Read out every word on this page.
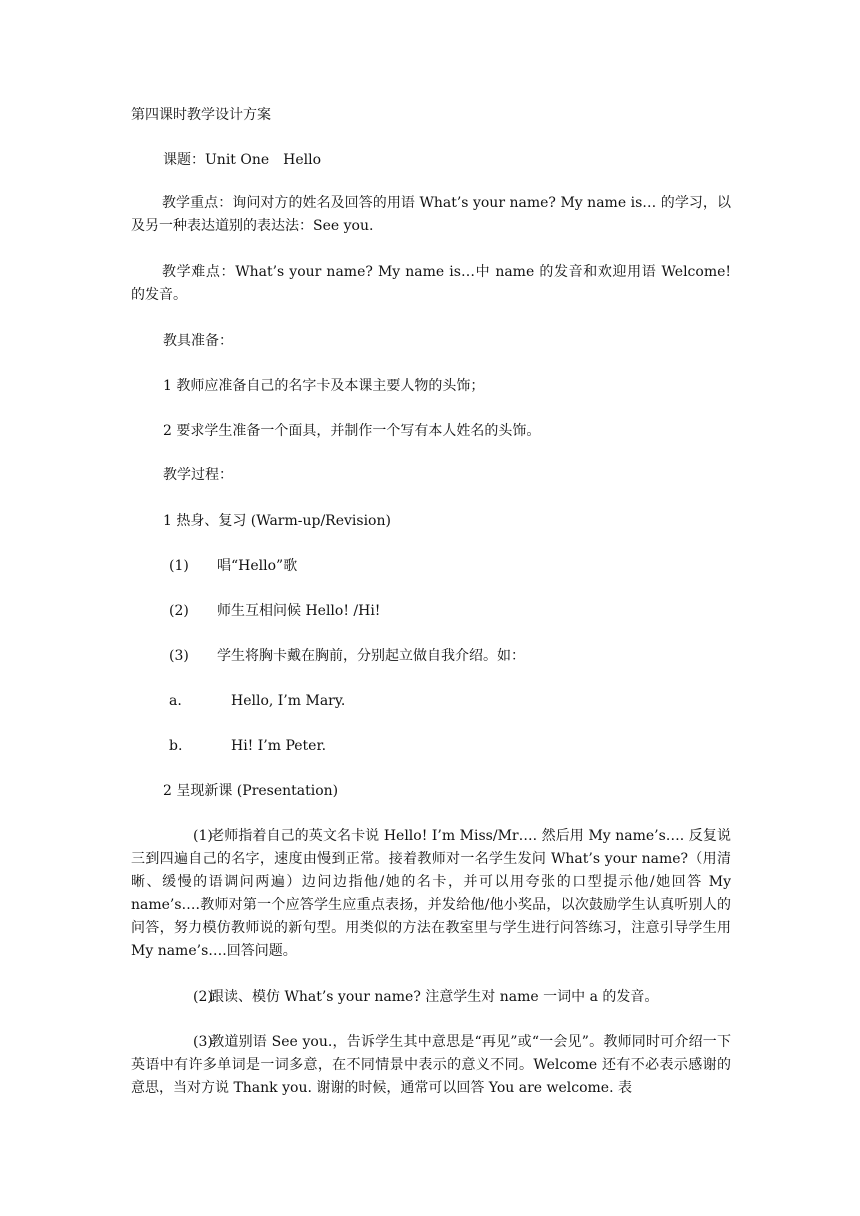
第四课时教学设计方案
课题：Unit One　Hello
教学重点：询问对方的姓名及回答的用语 What’s your name? My name is… 的学习，以及另一种表达道别的表达法：See you.
教学难点：What’s your name? My name is…中 name 的发音和欢迎用语 Welcome! 的发音。
教具准备：
1 教师应准备自己的名字卡及本课主要人物的头饰；
2 要求学生准备一个面具，并制作一个写有本人姓名的头饰。
教学过程：
1 热身、复习 (Warm-up/Revision)
(1) 唱“Hello”歌
(2) 师生互相问候 Hello! /Hi!
(3) 学生将胸卡戴在胸前，分别起立做自我介绍。如：
a.	Hello, I’m Mary.
b.	Hi! I’m Peter.
2 呈现新课 (Presentation)
(1)老师指着自己的英文名卡说 Hello! I’m Miss/Mr…. 然后用 My name’s…. 反复说三到四遍自己的名字，速度由慢到正常。接着教师对一名学生发问 What’s your name?（用清晰、缓慢的语调问两遍）边问边指他/她的名卡，并可以用夸张的口型提示他/她回答 My name’s….教师对第一个应答学生应重点表扬，并发给他/他小奖品，以次鼓励学生认真听别人的问答，努力模仿教师说的新句型。用类似的方法在教室里与学生进行问答练习，注意引导学生用 My name’s….回答问题。
(2)跟读、模仿 What’s your name? 注意学生对 name 一词中 a 的发音。
(3)教道别语 See you.，告诉学生其中意思是“再见”或“一会见”。教师同时可介绍一下英语中有许多单词是一词多意，在不同情景中表示的意义不同。Welcome 还有不必表示感谢的意思，当对方说 Thank you. 谢谢的时候，通常可以回答 You are welcome. 表
